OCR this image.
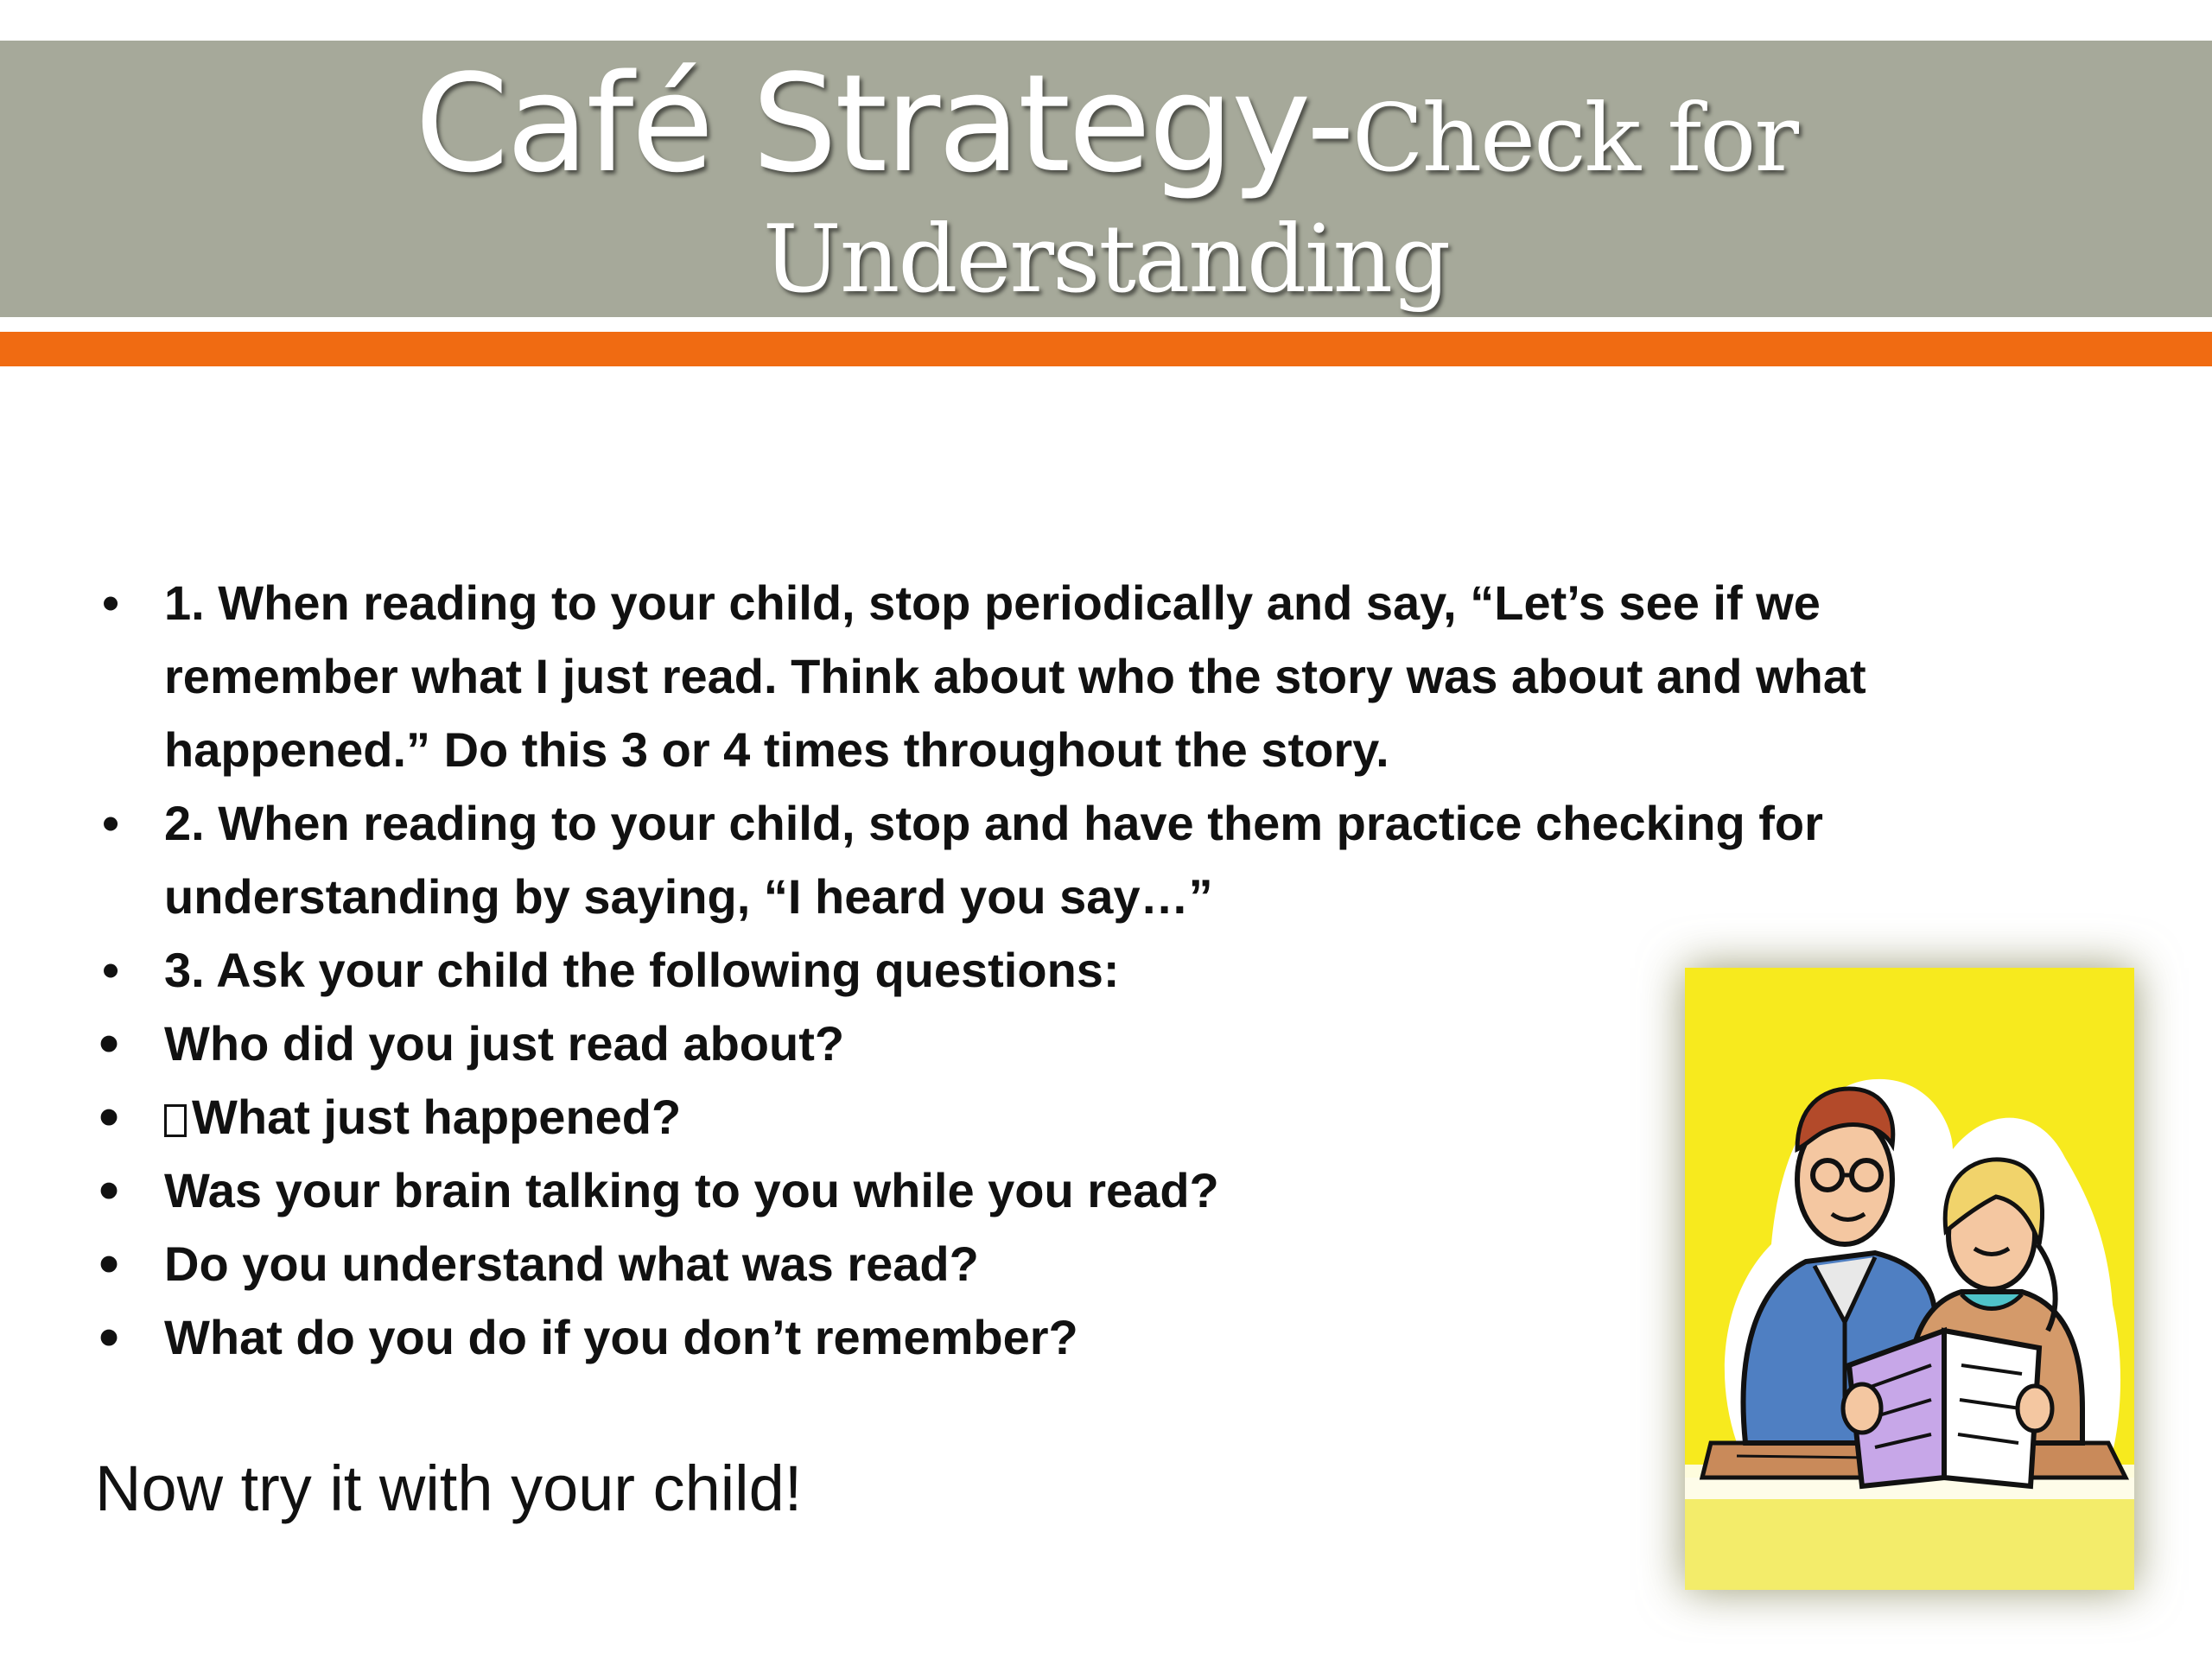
Café Strategy-Check for
Understanding
• 1. When reading to your child, stop periodically and say, “Let’s see if we remember what I just read. Think about who the story was about and what happened.” Do this 3 or 4 times throughout the story.
• 2. When reading to your child, stop and have them practice checking for understanding by saying, “I heard you say…”
• 3. Ask your child the following questions:
• Who did you just read about?
• What just happened?
• Was your brain talking to you while you read?
• Do you understand what was read?
• What do you do if you don’t remember?
Now try it with your child!
